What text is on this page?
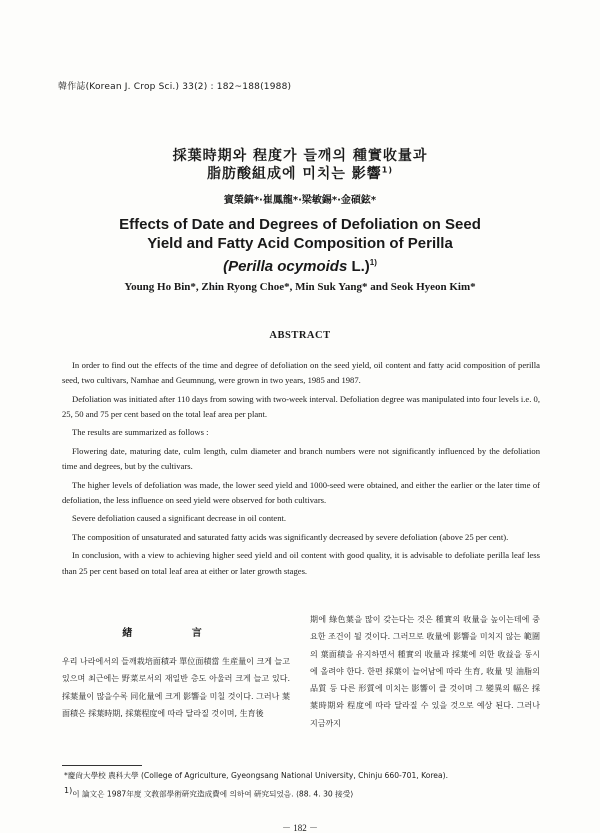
韓作誌(Korean J. Crop Sci.) 33(2) : 182~188(1988)
採葉時期와 程度가 들깨의 種實收量과
脂肪酸組成에 미치는 影響$^{1)}$
賓榮鎬*·崔鳳龍*·梁敏錫*·金碩鉉*
Effects of Date and Degrees of Defoliation on Seed
Yield and Fatty Acid Composition of Perilla
(Perilla ocymoids L.)$^{1)}$
Young Ho Bin*, Zhin Ryong Choe*, Min Suk Yang* and Seok Hyeon Kim*
ABSTRACT

In order to find out the effects of the time and degree of defoliation on the seed yield, oil content and fatty acid composition of perilla seed, two cultivars, Namhae and Geumnung, were grown in two years, 1985 and 1987.

Defoliation was initiated after 110 days from sowing with two-week interval. Defoliation degree was manipulated into four levels i.e. 0, 25, 50 and 75 per cent based on the total leaf area per plant.

The results are summarized as follows :

Flowering date, maturing date, culm length, culm diameter and branch numbers were not significantly influenced by the defoliation time and degrees, but by the cultivars.

The higher levels of defoliation was made, the lower seed yield and 1000-seed were obtained, and either the earlier or the later time of defoliation, the less influence on seed yield were observed for both cultivars.

Severe defoliation caused a significant decrease in oil content.

The composition of unsaturated and saturated fatty acids was significantly decreased by severe defoliation (above 25 per cent).

In conclusion, with a view to achieving higher seed yield and oil content with good quality, it is advisable to defoliate perilla leaf less than 25 per cent based on total leaf area at either or later growth stages.

緖 言
우리 나라에서의 들깨栽培面積과 單位面積當 生産量이 크게 늘고 있으며 최근에는 野菜로서의 재일반 층도 아울러 크게 늘고 있다. 採葉量이 많을수록 同化量에 크게 影響을 미칠 것이다. 그러나 葉面積은 採葉時期, 採葉程度에 따라 달라질 것이며, 生育後
期에 綠色葉을 많이 갖는다는 것은 種實의 收量을 높이는데에 중요한 조건이 될 것이다. 그러므로 收量에 影響을 미치지 않는 範圍의 葉面積을 유지하면서 種實의 收量과 採葉에 의한 收益을 동시에 올려야 한다. 한편 採葉이 늘어남에 따라 生育, 收量 및 油脂의 品質 등 다른 形質에 미치는 影響이 클 것이며 그 變異의 幅은 採葉時期와 程度에 따라 달라질 수 있을 것으로 예상 된다. 그러나 지금까지
*慶尙大學校 農科大學 (College of Agriculture, Gyeongsang National University, Chinju 660-701, Korea).
$^{1)}$이 論文은 1987年度 文敎部學術硏究造成費에 의하여 硏究되었음. ⟨88. 4. 30 接受⟩
－ 182 －
